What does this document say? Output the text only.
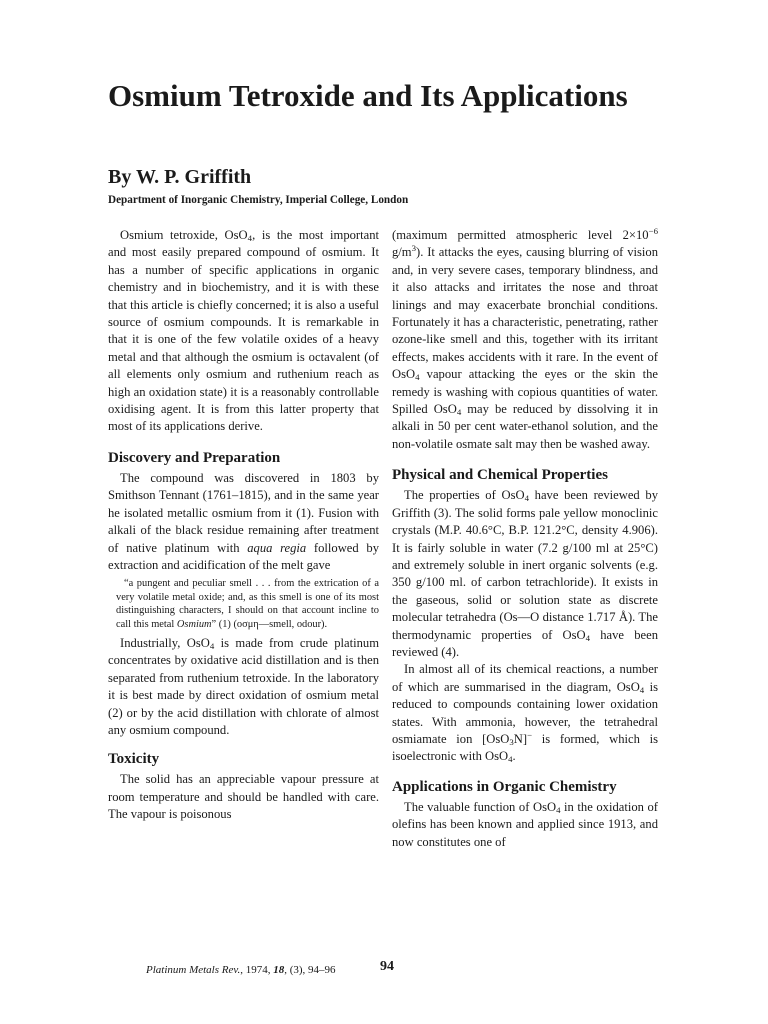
Osmium Tetroxide and Its Applications
By W. P. Griffith
Department of Inorganic Chemistry, Imperial College, London

Osmium tetroxide, OsO$_4$, is the most important and most easily prepared compound of osmium. It has a number of specific applications in organic chemistry and in biochemistry, and it is with these that this article is chiefly concerned; it is also a useful source of osmium compounds. It is remarkable in that it is one of the few volatile oxides of a heavy metal and that although the osmium is octavalent (of all elements only osmium and ruthenium reach as high an oxidation state) it is a reasonably controllable oxidising agent. It is from this latter property that most of its applications derive.

Discovery and Preparation

The compound was discovered in 1803 by Smithson Tennant (1761–1815), and in the same year he isolated metallic osmium from it (1). Fusion with alkali of the black residue remaining after treatment of native platinum with aqua regia followed by extraction and acidification of the melt gave

“a pungent and peculiar smell . . . from the extrication of a very volatile metal oxide; and, as this smell is one of its most distinguishing characters, I should on that account incline to call this metal Osmium” (1) (οσμη—smell, odour).

Industrially, OsO$_4$ is made from crude platinum concentrates by oxidative acid distillation and is then separated from ruthenium tetroxide. In the laboratory it is best made by direct oxidation of osmium metal (2) or by the acid distillation with chlorate of almost any osmium compound.

Toxicity

The solid has an appreciable vapour pressure at room temperature and should be handled with care. The vapour is poisonous

(maximum permitted atmospheric level $2\times 10^{-6}$ $g/m^3$). It attacks the eyes, causing blurring of vision and, in very severe cases, temporary blindness, and it also attacks and irritates the nose and throat linings and may exacerbate bronchial conditions. Fortunately it has a characteristic, penetrating, rather ozone-like smell and this, together with its irritant effects, makes accidents with it rare. In the event of OsO$_4$ vapour attacking the eyes or the skin the remedy is washing with copious quantities of water. Spilled OsO$_4$ may be reduced by dissolving it in alkali in 50 per cent water-ethanol solution, and the non-volatile osmate salt may then be washed away.

Physical and Chemical Properties

The properties of OsO$_4$ have been reviewed by Griffith (3). The solid forms pale yellow monoclinic crystals (M.P. 40.6°C, B.P. 121.2°C, density 4.906). It is fairly soluble in water (7.2 g/100 ml at 25°C) and extremely soluble in inert organic solvents (e.g. 350 g/100 ml. of carbon tetrachloride). It exists in the gaseous, solid or solution state as discrete molecular tetrahedra (Os—O distance 1.717 Å). The thermodynamic properties of OsO$_4$ have been reviewed (4).

In almost all of its chemical reactions, a number of which are summarised in the diagram, OsO$_4$ is reduced to compounds containing lower oxidation states. With ammonia, however, the tetrahedral osmiamate ion [OsO$_3$N]− is formed, which is isoelectronic with OsO$_4$.

Applications in Organic Chemistry

The valuable function of OsO$_4$ in the oxidation of olefins has been known and applied since 1913, and now constitutes one of

Platinum Metals Rev., 1974, 18, (3), 94–96	94
